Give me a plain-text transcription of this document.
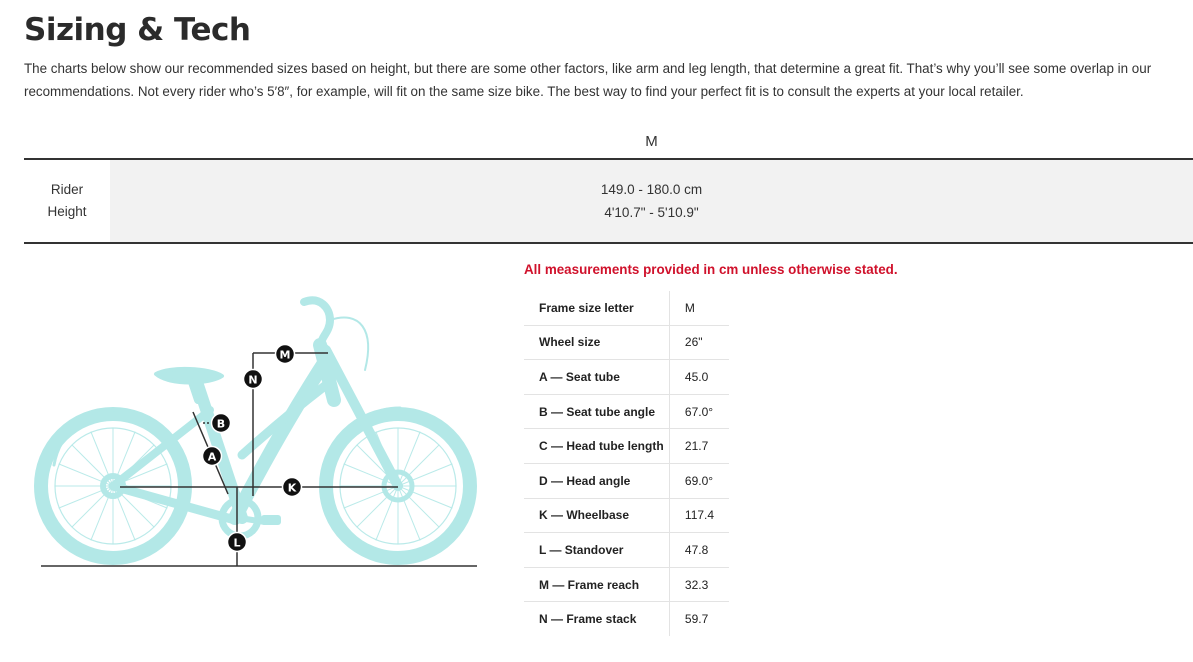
Sizing & Tech

The charts below show our recommended sizes based on height, but there are some other factors, like arm and leg length, that determine a great fit. That’s why you’ll see some overlap in our recommendations. Not every rider who’s 5′8″, for example, will fit on the same size bike. The best way to find your perfect fit is to consult the experts at your local retailer.

M
Rider
Height
149.0 - 180.0 cm
4'10.7" - 5'10.9"
M
N
B
A
K
L
All measurements provided in cm unless otherwise stated.
Frame size letter	M
Wheel size	26"
A — Seat tube	45.0
B — Seat tube angle	67.0°
C — Head tube length	21.7
D — Head angle	69.0°
K — Wheelbase	117.4
L — Standover	47.8
M — Frame reach	32.3
N — Frame stack	59.7
